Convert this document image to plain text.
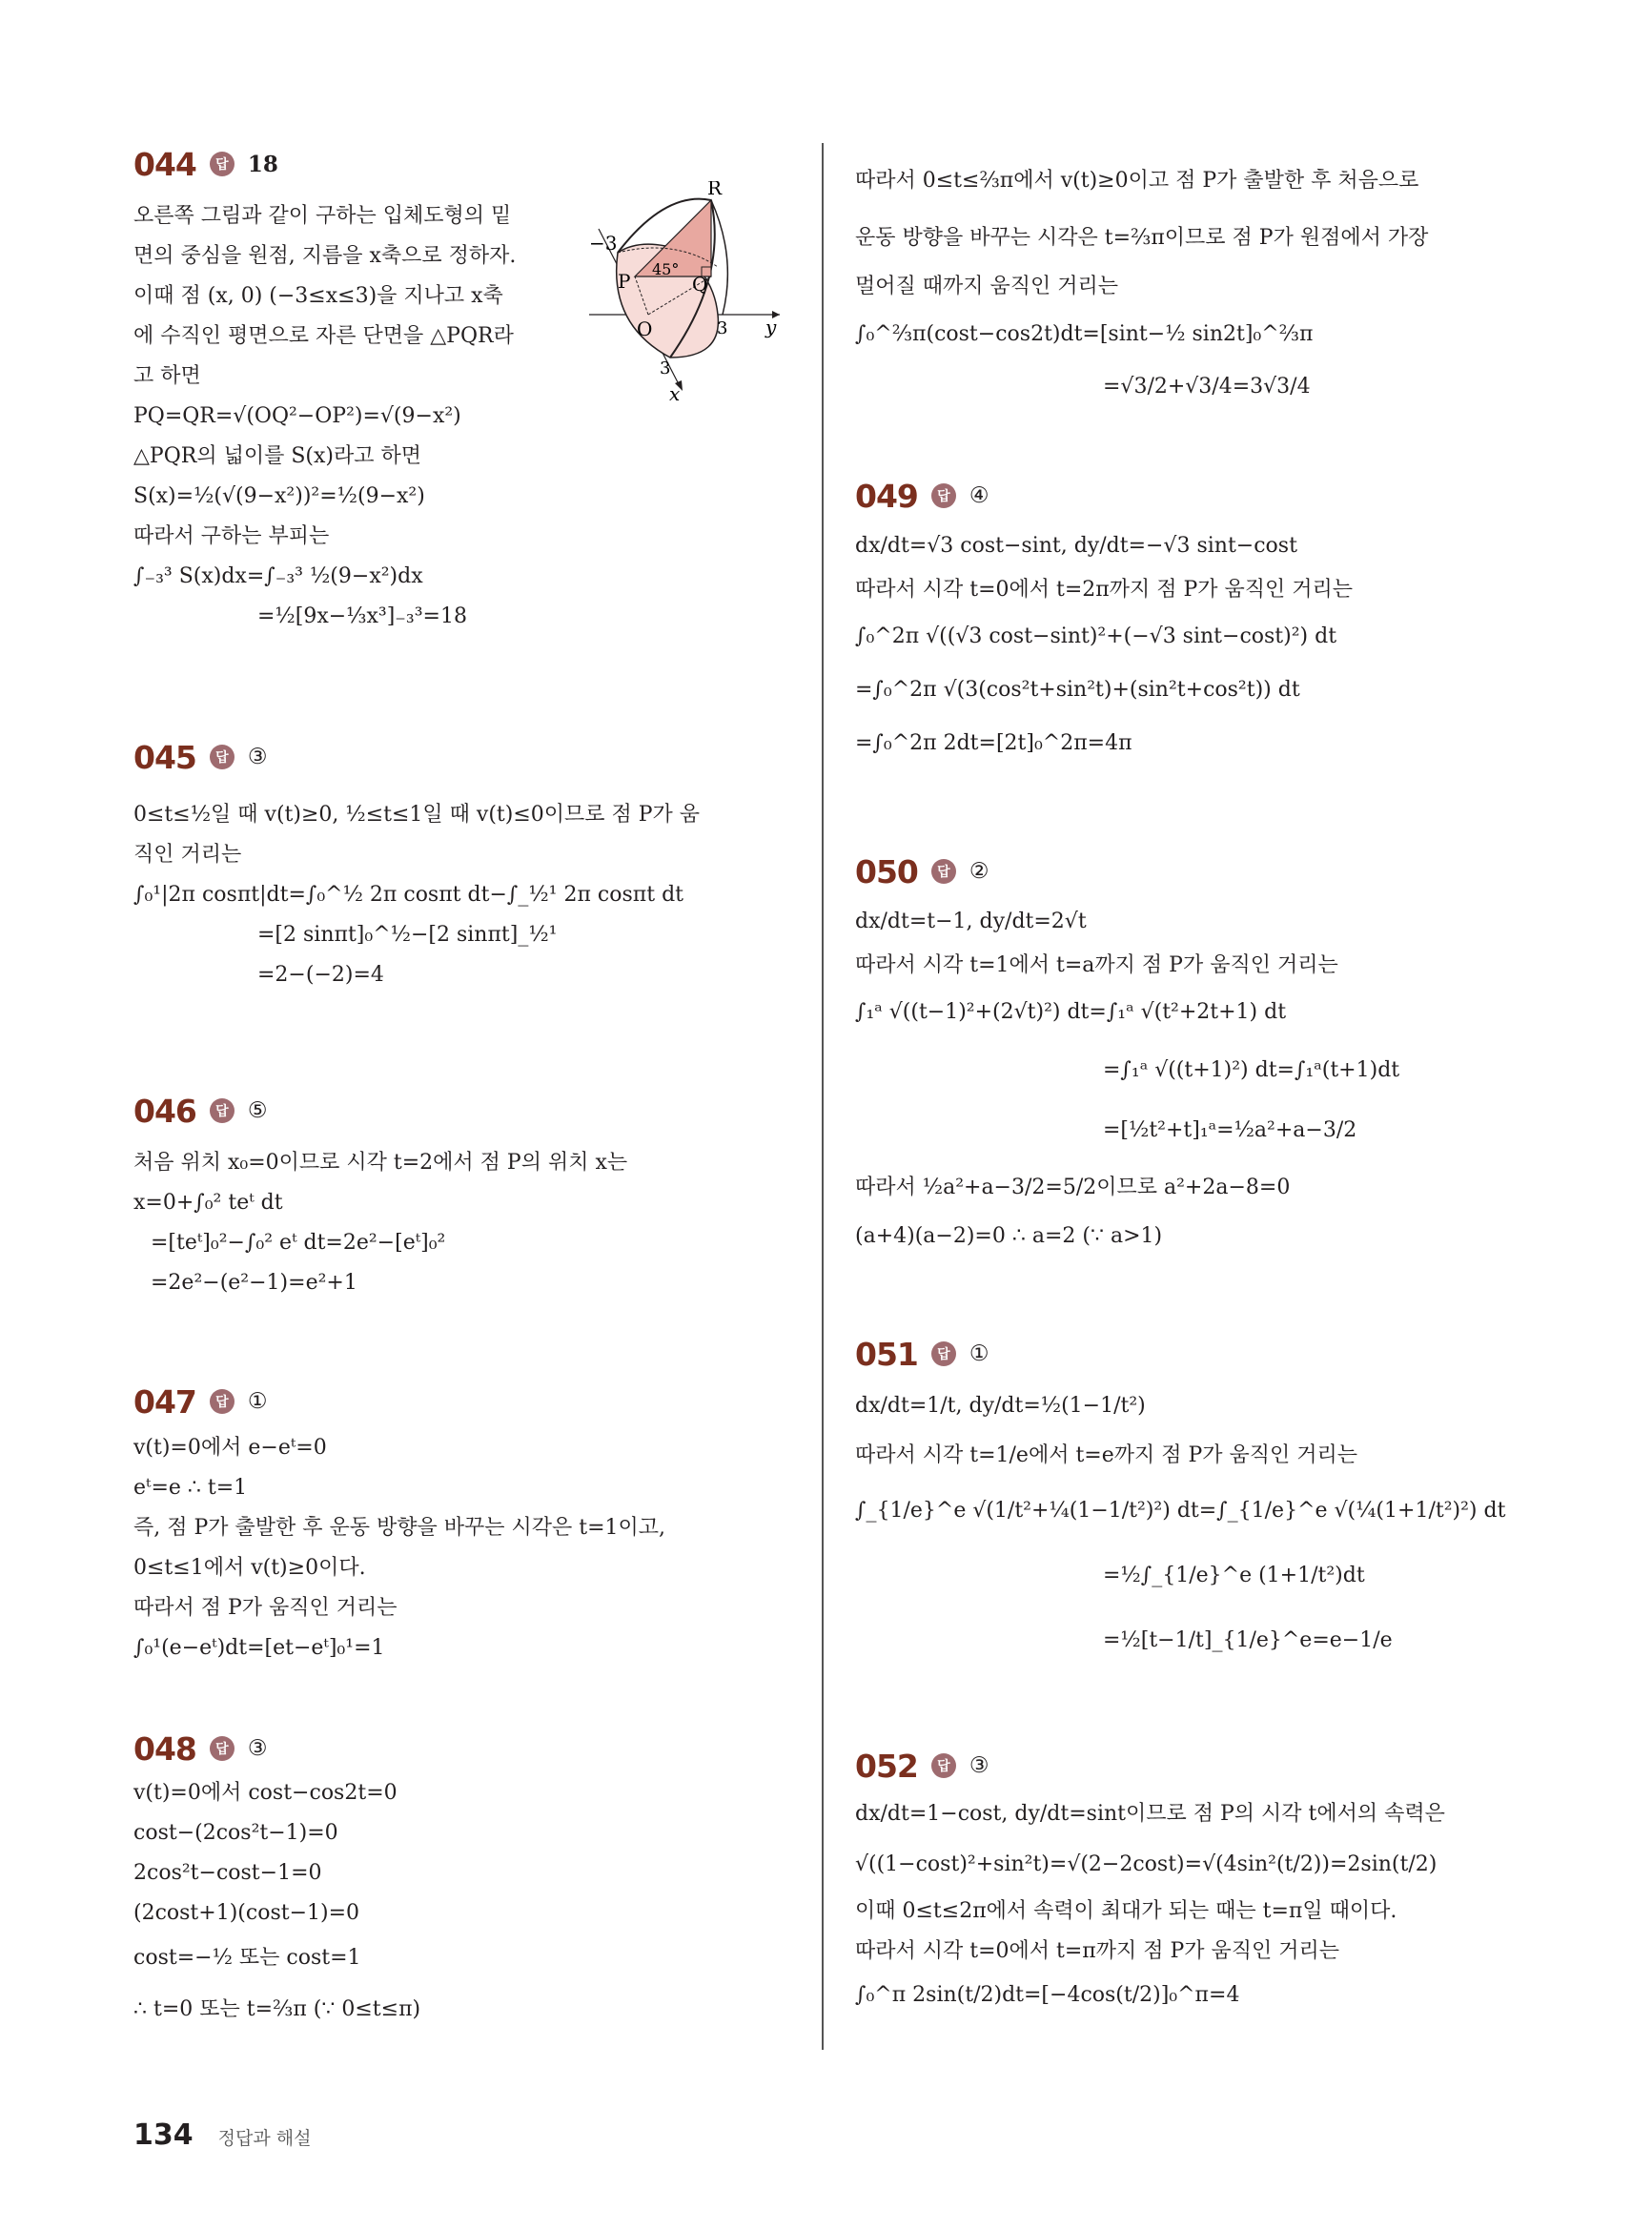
044	답 18
오른쪽 그림과 같이 구하는 입체도형의 밑
면의 중심을 원점, 지름을 x축으로 정하자.
이때 점 (x, 0) (−3≤x≤3)을 지나고 x축
에 수직인 평면으로 자른 단면을 △PQR라
고 하면
PQ=QR=√(OQ²−OP²)=√(9−x²)
△PQR의 넓이를 S(x)라고 하면
S(x)=½(√(9−x²))²=½(9−x²)
따라서 구하는 부피는
∫₋₃³ S(x)dx=∫₋₃³ ½(9−x²)dx
=½[9x−⅓x³]₋₃³=18
R
P	Q
O
−3
3 y
3
x
45°
045	답 ③
0≤t≤½일 때 v(t)≥0, ½≤t≤1일 때 v(t)≤0이므로 점 P가 움
직인 거리는
∫₀¹|2π cosπt|dt=∫₀^½ 2π cosπt dt−∫_½¹ 2π cosπt dt
=[2 sinπt]₀^½−[2 sinπt]_½¹
=2−(−2)=4
046	답 ⑤
처음 위치 x₀=0이므로 시각 t=2에서 점 P의 위치 x는
x=0+∫₀² teᵗ dt
=[teᵗ]₀²−∫₀² eᵗ dt=2e²−[eᵗ]₀²
=2e²−(e²−1)=e²+1
047	답 ①
v(t)=0에서 e−eᵗ=0
eᵗ=e ∴ t=1
즉, 점 P가 출발한 후 운동 방향을 바꾸는 시각은 t=1이고,
0≤t≤1에서 v(t)≥0이다.
따라서 점 P가 움직인 거리는
∫₀¹(e−eᵗ)dt=[et−eᵗ]₀¹=1
048	답 ③
v(t)=0에서 cost−cos2t=0
cost−(2cos²t−1)=0
2cos²t−cost−1=0
(2cost+1)(cost−1)=0
cost=−½ 또는 cost=1
∴ t=0 또는 t=⅔π (∵ 0≤t≤π)
따라서 0≤t≤⅔π에서 v(t)≥0이고 점 P가 출발한 후 처음으로
운동 방향을 바꾸는 시각은 t=⅔π이므로 점 P가 원점에서 가장
멀어질 때까지 움직인 거리는
∫₀^⅔π(cost−cos2t)dt=[sint−½ sin2t]₀^⅔π
=√3/2+√3/4=3√3/4
049	답 ④
dx/dt=√3 cost−sint, dy/dt=−√3 sint−cost
따라서 시각 t=0에서 t=2π까지 점 P가 움직인 거리는
∫₀^2π √((√3 cost−sint)²+(−√3 sint−cost)²) dt
=∫₀^2π √(3(cos²t+sin²t)+(sin²t+cos²t)) dt
=∫₀^2π 2dt=[2t]₀^2π=4π
050	답 ②
dx/dt=t−1, dy/dt=2√t
따라서 시각 t=1에서 t=a까지 점 P가 움직인 거리는
∫₁ᵃ √((t−1)²+(2√t)²) dt=∫₁ᵃ √(t²+2t+1) dt
=∫₁ᵃ √((t+1)²) dt=∫₁ᵃ(t+1)dt
=[½t²+t]₁ᵃ=½a²+a−3/2
따라서 ½a²+a−3/2=5/2이므로 a²+2a−8=0
(a+4)(a−2)=0 ∴ a=2 (∵ a>1)
051	답 ①
dx/dt=1/t, dy/dt=½(1−1/t²)
따라서 시각 t=1/e에서 t=e까지 점 P가 움직인 거리는
∫_{1/e}^e √(1/t²+¼(1−1/t²)²) dt=∫_{1/e}^e √(¼(1+1/t²)²) dt
=½∫_{1/e}^e (1+1/t²)dt
=½[t−1/t]_{1/e}^e=e−1/e
052	답 ③
dx/dt=1−cost, dy/dt=sint이므로 점 P의 시각 t에서의 속력은
√((1−cost)²+sin²t)=√(2−2cost)=√(4sin²(t/2))=2sin(t/2)
이때 0≤t≤2π에서 속력이 최대가 되는 때는 t=π일 때이다.
따라서 시각 t=0에서 t=π까지 점 P가 움직인 거리는
∫₀^π 2sin(t/2)dt=[−4cos(t/2)]₀^π=4
134 정답과 해설
